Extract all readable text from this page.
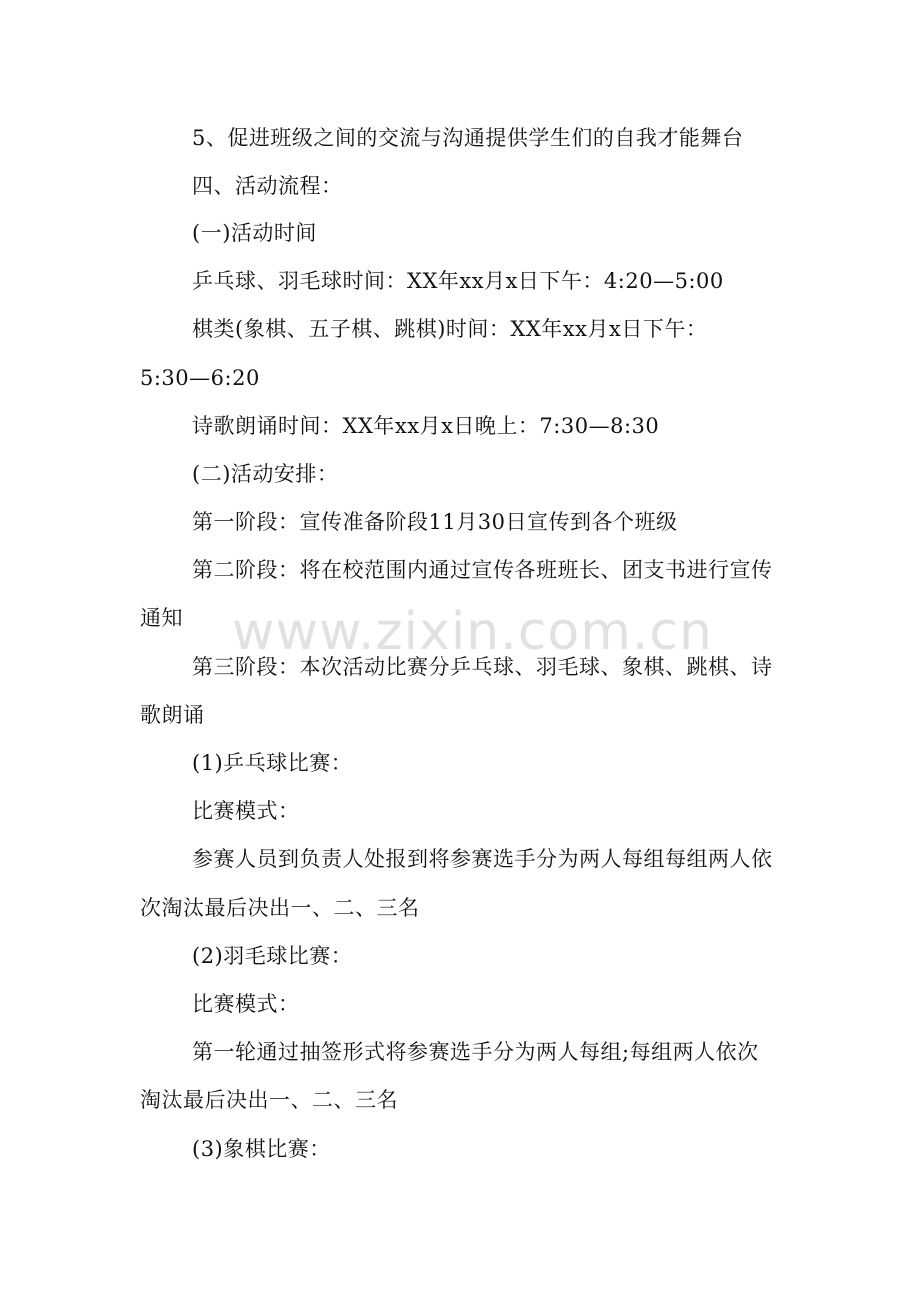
5、促进班级之间的交流与沟通提供学生们的自我才能舞台
四、活动流程：
(一)活动时间
乒乓球、羽毛球时间：XX年xx月x日下午：4:20—5:00
棋类(象棋、五子棋、跳棋)时间：XX年xx月x日下午：
5:30—6:20
诗歌朗诵时间：XX年xx月x日晚上：7:30—8:30
(二)活动安排：
第一阶段：宣传准备阶段11月30日宣传到各个班级
第二阶段：将在校范围内通过宣传各班班长、团支书进行宣传
通知
第三阶段：本次活动比赛分乒乓球、羽毛球、象棋、跳棋、诗
歌朗诵
(1)乒乓球比赛：
比赛模式：
参赛人员到负责人处报到将参赛选手分为两人每组每组两人依
次淘汰最后决出一、二、三名
(2)羽毛球比赛：
比赛模式：
第一轮通过抽签形式将参赛选手分为两人每组;每组两人依次
淘汰最后决出一、二、三名
(3)象棋比赛：
www.zixin.com.cn
